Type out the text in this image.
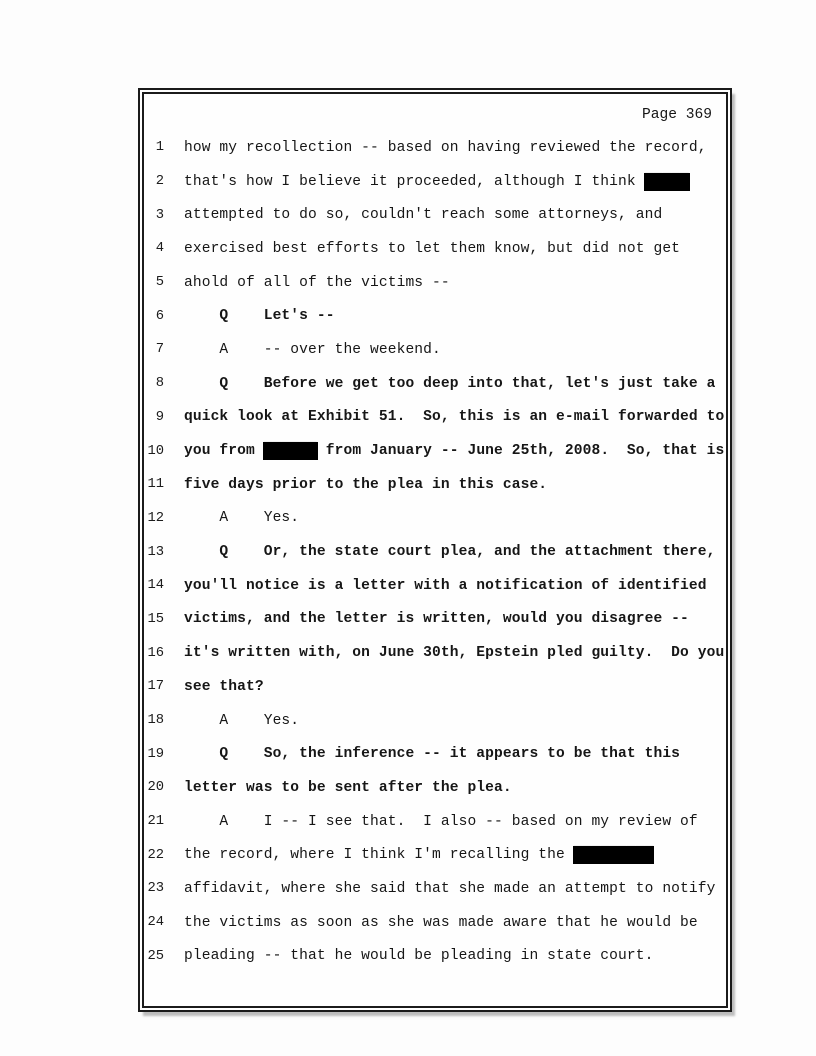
Page 369
1 how my recollection -- based on having reviewed the record,
2 that's how I believe it proceeded, although I think █████
3 attempted to do so, couldn't reach some attorneys, and
4 exercised best efforts to let them know, but did not get
5 ahold of all of the victims --
6 Q    Let's --
7 A    -- over the weekend.
8 Q    Before we get too deep into that, let's just take a
9 quick look at Exhibit 51.  So, this is an e-mail forwarded to
10 you from ██████ from January -- June 25th, 2008.  So, that is
11 five days prior to the plea in this case.
12 A    Yes.
13 Q    Or, the state court plea, and the attachment there,
14 you'll notice is a letter with a notification of identified
15 victims, and the letter is written, would you disagree --
16 it's written with, on June 30th, Epstein pled guilty.  Do you
17 see that?
18 A    Yes.
19 Q    So, the inference -- it appears to be that this
20 letter was to be sent after the plea.
21 A    I -- I see that.  I also -- based on my review of
22 the record, where I think I'm recalling the █████████
23 affidavit, where she said that she made an attempt to notify
24 the victims as soon as she was made aware that he would be
25 pleading -- that he would be pleading in state court.
